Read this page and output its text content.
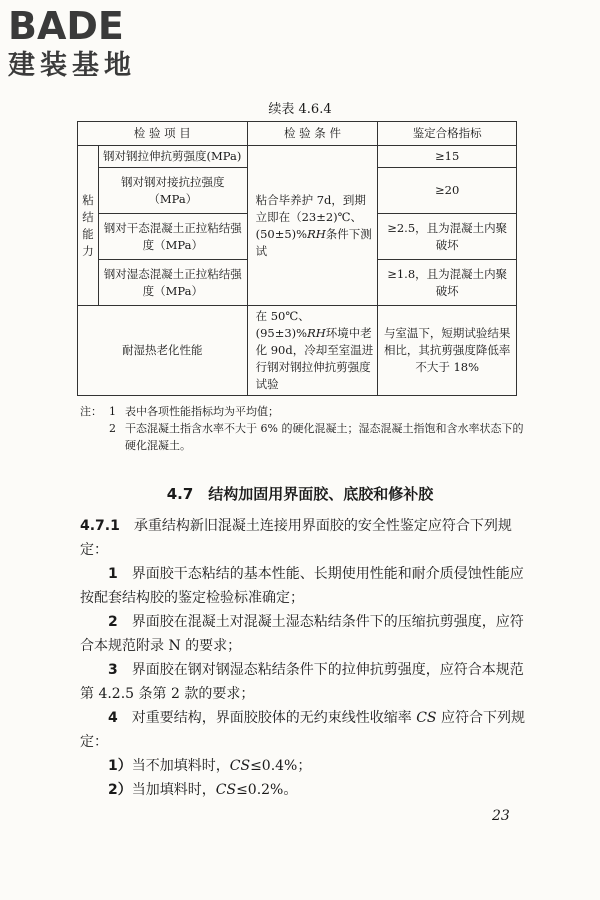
BADE
建装基地
续表 4.6.4
检 验 项 目		检 验 条 件	鉴定合格指标
粘结能力	钢对钢拉伸抗剪强度(MPa)	粘合毕养护 7d，到期立即在（23±2)℃、(50±5)%RH条件下测试	≥15
	钢对钢对接抗拉强度（MPa）		≥20
	钢对干态混凝土正拉粘结强度（MPa）		≥2.5，且为混凝土内聚破坏
	钢对湿态混凝土正拉粘结强度（MPa）		≥1.8，且为混凝土内聚破坏
耐湿热老化性能		在 50℃、(95±3)%RH环境中老化 90d，冷却至室温进行钢对钢拉伸抗剪强度试验	与室温下，短期试验结果相比，其抗剪强度降低率不大于 18%
注： 1 表中各项性能指标均为平均值；
2 干态混凝土指含水率不大于 6% 的硬化混凝土；湿态混凝土指饱和含水率状态下的硬化混凝土。
4.7　结构加固用界面胶、底胶和修补胶

4.7.1　 承重结构新旧混凝土连接用界面胶的安全性鉴定应符合下列规定：

1　 界面胶干态粘结的基本性能、长期使用性能和耐介质侵蚀性能应按配套结构胶的鉴定检验标准确定；

2　 界面胶在混凝土对混凝土湿态粘结条件下的压缩抗剪强度，应符合本规范附录 N 的要求；

3　 界面胶在钢对钢湿态粘结条件下的拉伸抗剪强度，应符合本规范第 4.2.5 条第 2 款的要求；

4　 对重要结构，界面胶胶体的无约束线性收缩率 CS 应符合下列规定：

1）当不加填料时，CS≤0.4%；

2）当加填料时，CS≤0.2%。

23
